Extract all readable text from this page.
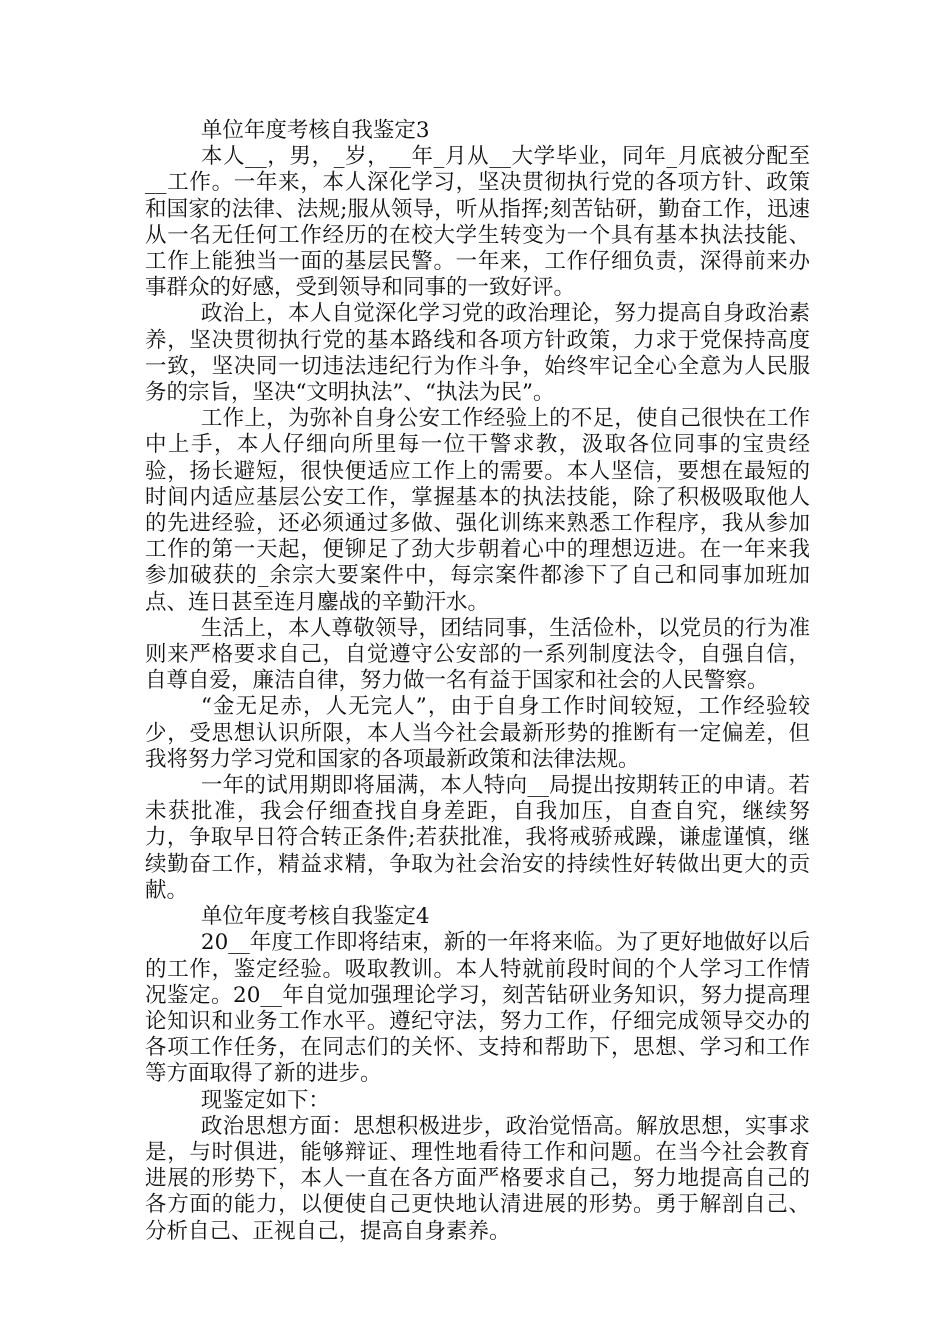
单位年度考核自我鉴定3

本人__，男，_岁，__年_月从__大学毕业，同年_月底被分配至__工作。一年来，本人深化学习，坚决贯彻执行党的各项方针、政策和国家的法律、法规;服从领导，听从指挥;刻苦钻研，勤奋工作，迅速从一名无任何工作经历的在校大学生转变为一个具有基本执法技能、工作上能独当一面的基层民警。一年来，工作仔细负责，深得前来办事群众的好感，受到领导和同事的一致好评。

政治上，本人自觉深化学习党的政治理论，努力提高自身政治素养，坚决贯彻执行党的基本路线和各项方针政策，力求于党保持高度一致，坚决同一切违法违纪行为作斗争，始终牢记全心全意为人民服务的宗旨，坚决“文明执法”、“执法为民”。

工作上，为弥补自身公安工作经验上的不足，使自己很快在工作中上手，本人仔细向所里每一位干警求教，汲取各位同事的宝贵经验，扬长避短，很快便适应工作上的需要。本人坚信，要想在最短的时间内适应基层公安工作，掌握基本的执法技能，除了积极吸取他人的先进经验，还必须通过多做、强化训练来熟悉工作程序，我从参加工作的第一天起，便铆足了劲大步朝着心中的理想迈进。在一年来我参加破获的_余宗大要案件中，每宗案件都渗下了自己和同事加班加点、连日甚至连月鏖战的辛勤汗水。

生活上，本人尊敬领导，团结同事，生活俭朴，以党员的行为准则来严格要求自己，自觉遵守公安部的一系列制度法令，自强自信，自尊自爱，廉洁自律，努力做一名有益于国家和社会的人民警察。

“金无足赤，人无完人”，由于自身工作时间较短，工作经验较少，受思想认识所限，本人当今社会最新形势的推断有一定偏差，但我将努力学习党和国家的各项最新政策和法律法规。

一年的试用期即将届满，本人特向__局提出按期转正的申请。若未获批准，我会仔细查找自身差距，自我加压，自查自究，继续努力，争取早日符合转正条件;若获批准，我将戒骄戒躁，谦虚谨慎，继续勤奋工作，精益求精，争取为社会治安的持续性好转做出更大的贡献。

单位年度考核自我鉴定4

20__年度工作即将结束，新的一年将来临。为了更好地做好以后的工作，鉴定经验。吸取教训。本人特就前段时间的个人学习工作情况鉴定。20__年自觉加强理论学习，刻苦钻研业务知识，努力提高理论知识和业务工作水平。遵纪守法，努力工作，仔细完成领导交办的各项工作任务，在同志们的关怀、支持和帮助下，思想、学习和工作等方面取得了新的进步。

现鉴定如下：

政治思想方面：思想积极进步，政治觉悟高。解放思想，实事求是，与时俱进，能够辩证、理性地看待工作和问题。在当今社会教育进展的形势下，本人一直在各方面严格要求自己，努力地提高自己的各方面的能力，以便使自己更快地认清进展的形势。勇于解剖自己、分析自己、正视自己，提高自身素养。
